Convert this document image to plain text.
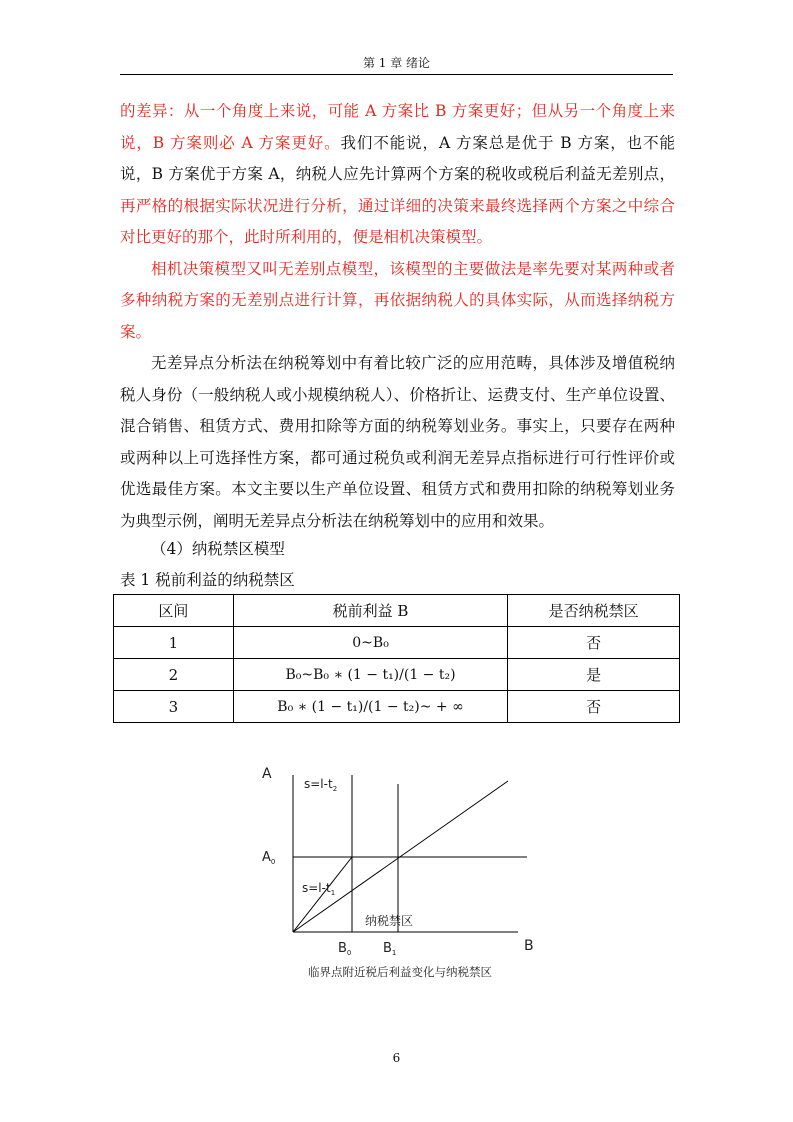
第 1 章 绪论

的差异：从一个角度上来说，可能 A 方案比 B 方案更好；但从另一个角度上来说，B 方案则必 A 方案更好。我们不能说，A 方案总是优于 B 方案，也不能说，B 方案优于方案 A，纳税人应先计算两个方案的税收或税后利益无差别点，再严格的根据实际状况进行分析，通过详细的决策来最终选择两个方案之中综合对比更好的那个，此时所利用的，便是相机决策模型。

相机决策模型又叫无差别点模型，该模型的主要做法是率先要对某两种或者多种纳税方案的无差别点进行计算，再依据纳税人的具体实际，从而选择纳税方案。

无差异点分析法在纳税筹划中有着比较广泛的应用范畴，具体涉及增值税纳税人身份（一般纳税人或小规模纳税人）、价格折让、运费支付、生产单位设置、混合销售、租赁方式、费用扣除等方面的纳税筹划业务。事实上，只要存在两种或两种以上可选择性方案，都可通过税负或利润无差异点指标进行可行性评价或优选最佳方案。本文主要以生产单位设置、租赁方式和费用扣除的纳税筹划业务为典型示例，阐明无差异点分析法在纳税筹划中的应用和效果。

（4）纳税禁区模型
表 1 税前利益的纳税禁区
区间	税前利益 B	是否纳税禁区
1	0~B₀	否
2	B₀~B₀ ∗ (1 − t₁)/(1 − t₂)	是
3	B₀ ∗ (1 − t₁)/(1 − t₂)~ + ∞	否
A
B
$A_0$
$B_0$ $B_1$
$s=l-t_2$
$s=l-t_1$
纳税禁区
临界点附近税后利益变化与纳税禁区
6
